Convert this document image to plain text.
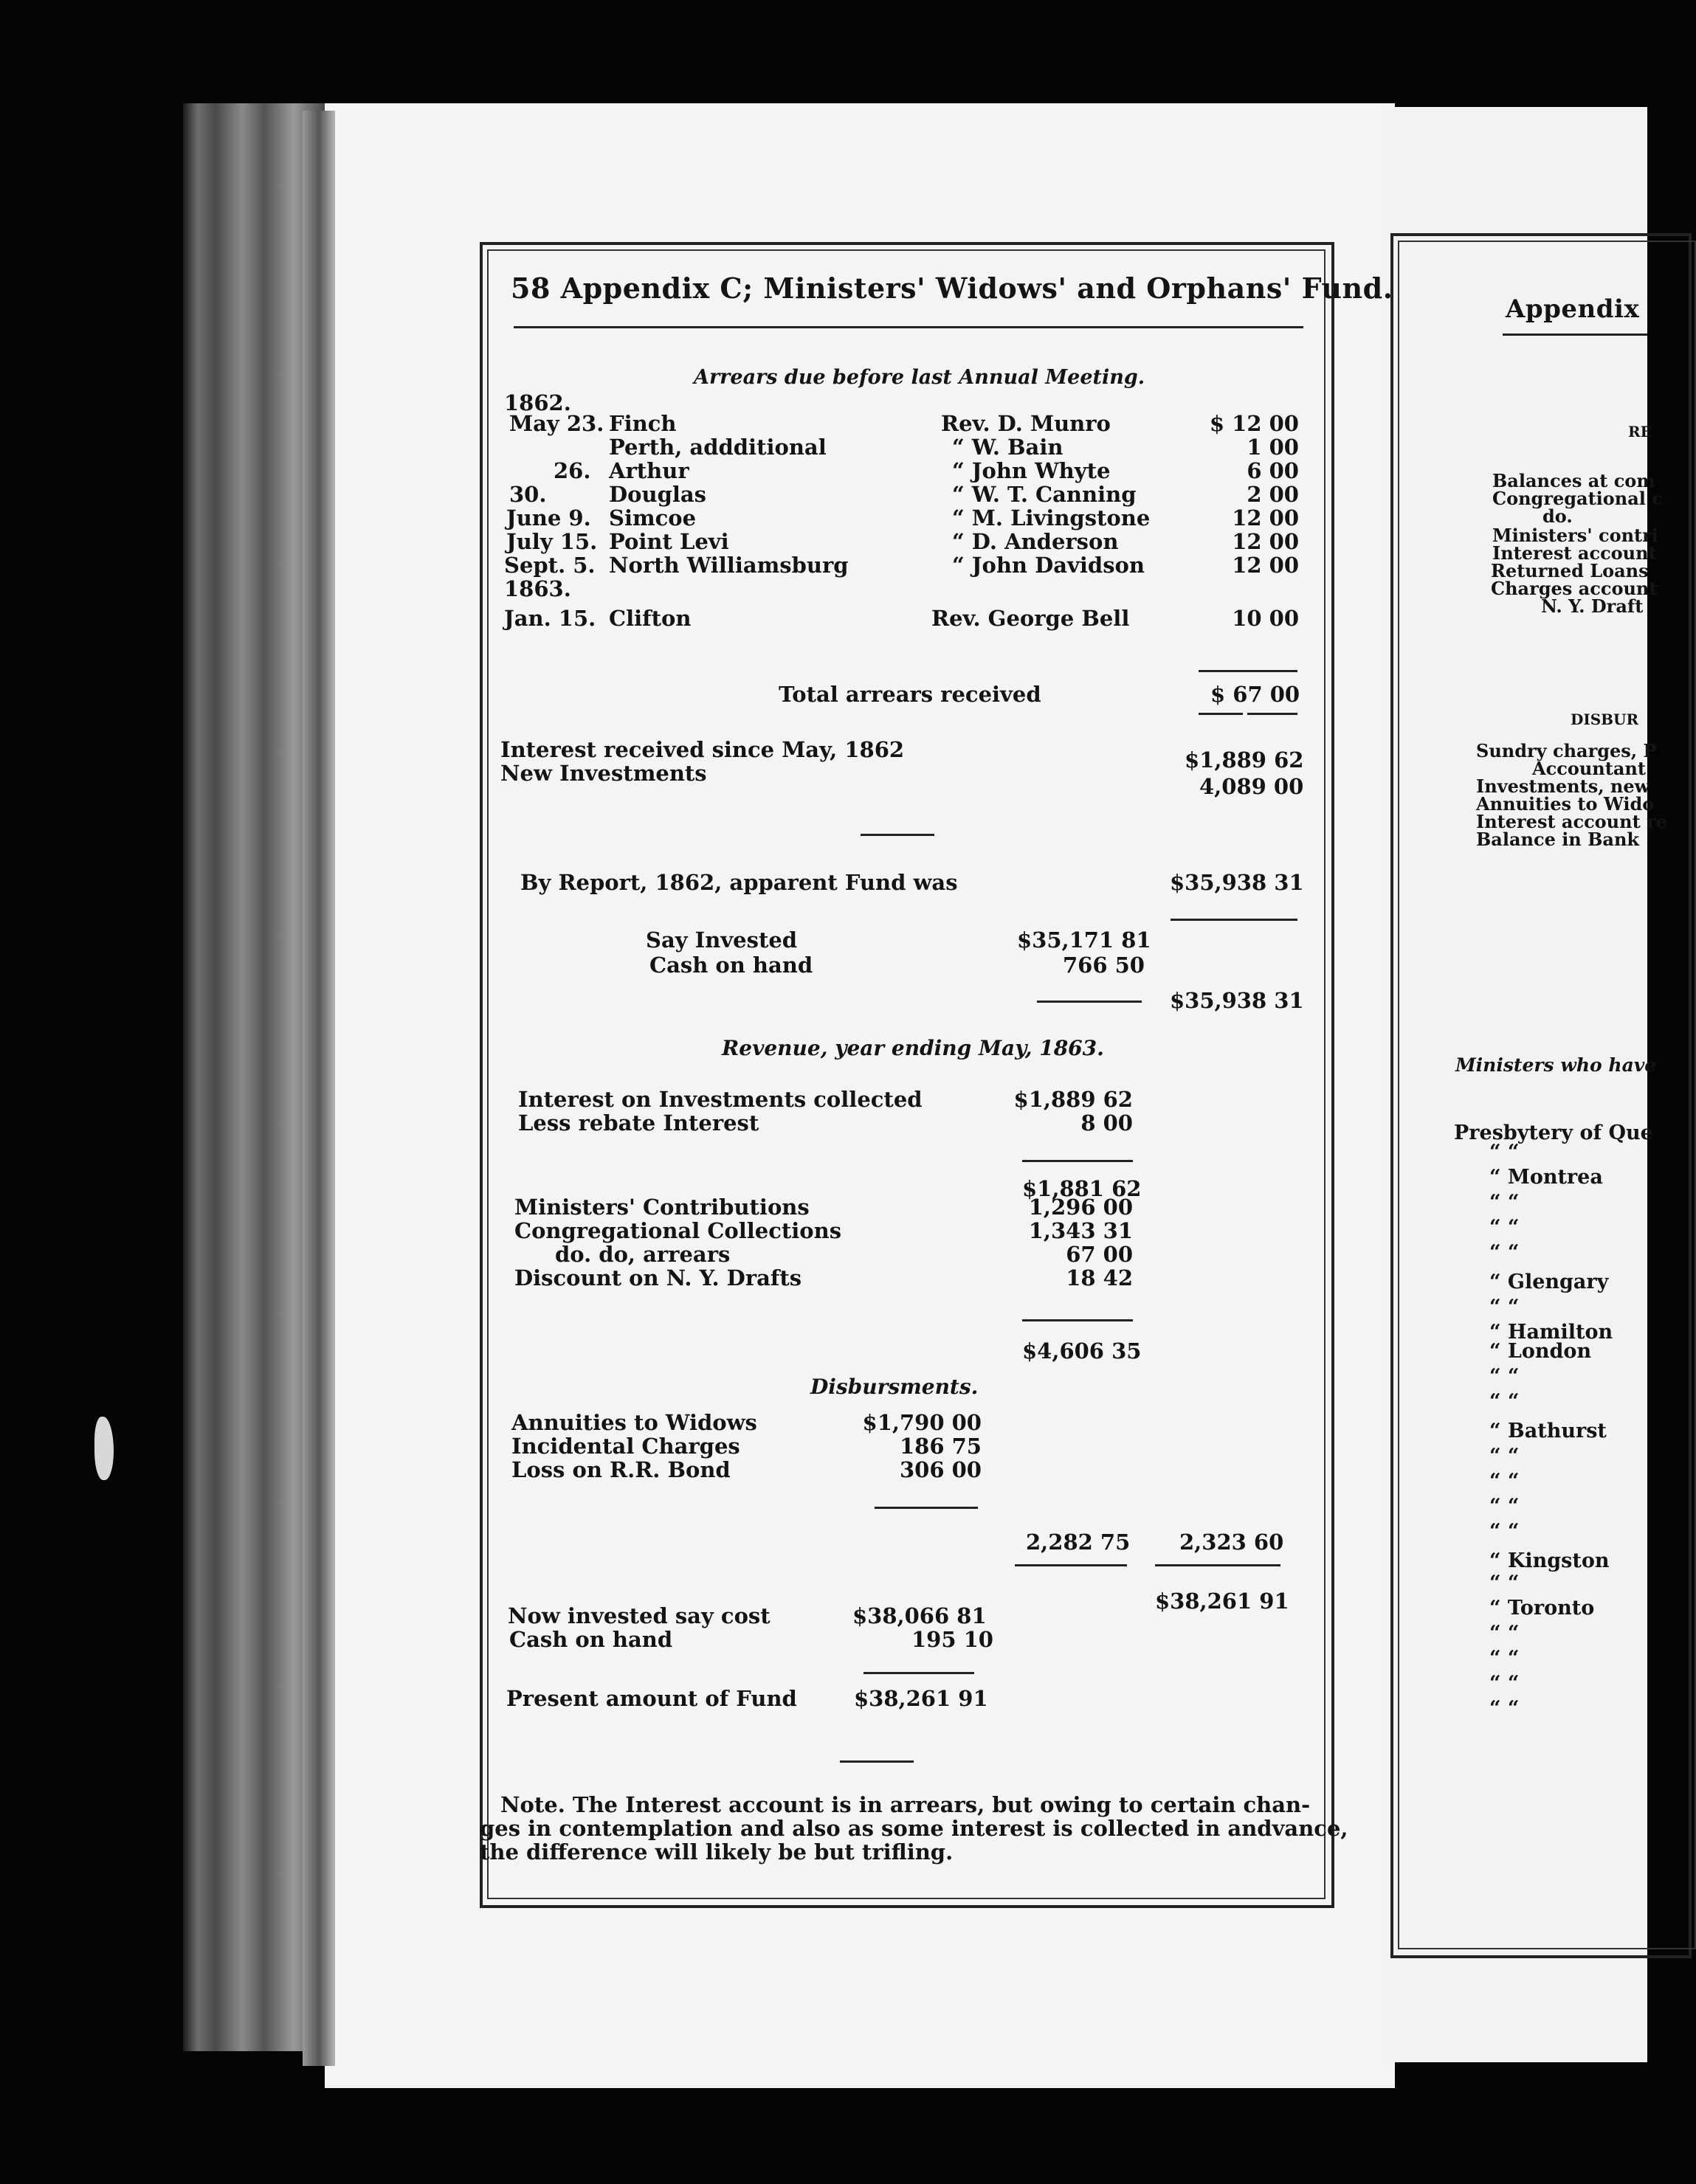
58 Appendix C; Ministers' Widows' and Orphans' Fund.
Arrears due before last Annual Meeting.
1862.
May 23. Finch	Rev. D. Munro	$ 12 00
Perth, addditional	“ W. Bain	1 00
26. Arthur	“ John Whyte	6 00
30.	Douglas	“ W. T. Canning	2 00
June 9. Simcoe	“ M. Livingstone	12 00
July 15. Point Levi	“ D. Anderson	12 00
Sept. 5. North Williamsburg	“ John Davidson	12 00
1863.
Jan. 15. Clifton	Rev. George Bell	10 00
Total arrears received	$ 67 00
Interest received since May, 1862	$1,889 62
New Investments
4,089 00
By Report, 1862, apparent Fund was	$35,938 31
Say Invested	$35,171 81
Cash on hand	766 50
$35,938 31
Revenue, year ending May, 1863.
Interest on Investments collected	$1,889 62
Less rebate Interest	8 00
$1,881 62
Ministers' Contributions	1,296 00
Congregational Collections	1,343 31
do. do, arrears	67 00
Discount on N. Y. Drafts	18 42
$4,606 35
Disbursments.
Annuities to Widows	$1,790 00
Incidental Charges	186 75
Loss on R.R. Bond	306 00
2,282 75 2,323 60
$38,261 91
Now invested say cost	$38,066 81
Cash on hand	195 10
Present amount of Fund	$38,261 91
Note. The Interest account is in arrears, but owing to certain chan-
ges in contemplation and also as some interest is collected in andvance,
the difference will likely be but trifling.
Appendix
RE
Balances at com
Congregational c
do.
Ministers' contri
Interest account
Returned Loans
Charges account
N. Y. Draft
DISBUR
Sundry charges, P
Accountant
Investments, new
Annuities to Wido
Interest account re
Balance in Bank
Ministers who have
Presbytery of Que
“ “
“ Montrea
“ “
“ “
“ “
“ Glengary
“ “
“ Hamilton
“ London
“ “
“ “
“ Bathurst
“ “
“ “
“ “
“ “
“ Kingston
“ “
“ Toronto
“ “
“ “
“ “
“ “
